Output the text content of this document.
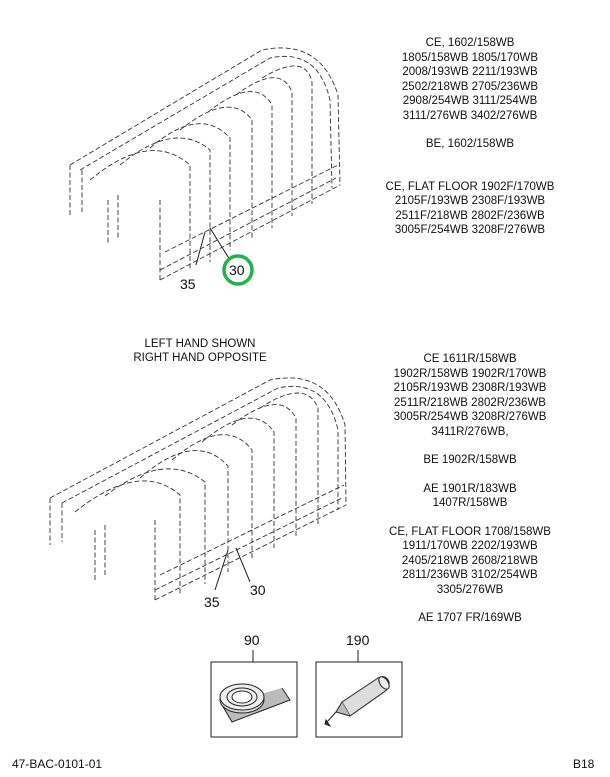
35
30
CE, 1602/158WB
1805/158WB 1805/170WB
2008/193WB 2211/193WB
2502/218WB 2705/236WB
2908/254WB 3111/254WB
3111/276WB 3402/276WB
BE, 1602/158WB
CE, FLAT FLOOR 1902F/170WB
2105F/193WB 2308F/193WB
2511F/218WB 2802F/236WB
3005F/254WB 3208F/276WB
LEFT HAND SHOWN
RIGHT HAND OPPOSITE
35
30
CE 1611R/158WB
1902R/158WB 1902R/170WB
2105R/193WB 2308R/193WB
2511R/218WB 2802R/236WB
3005R/254WB 3208R/276WB
3411R/276WB,
BE 1902R/158WB
AE 1901R/183WB
1407R/158WB
CE, FLAT FLOOR 1708/158WB
1911/170WB 2202/193WB
2405/218WB 2608/218WB
2811/236WB 3102/254WB
3305/276WB
AE 1707 FR/169WB
90	190
47-BAC-0101-01	B18
